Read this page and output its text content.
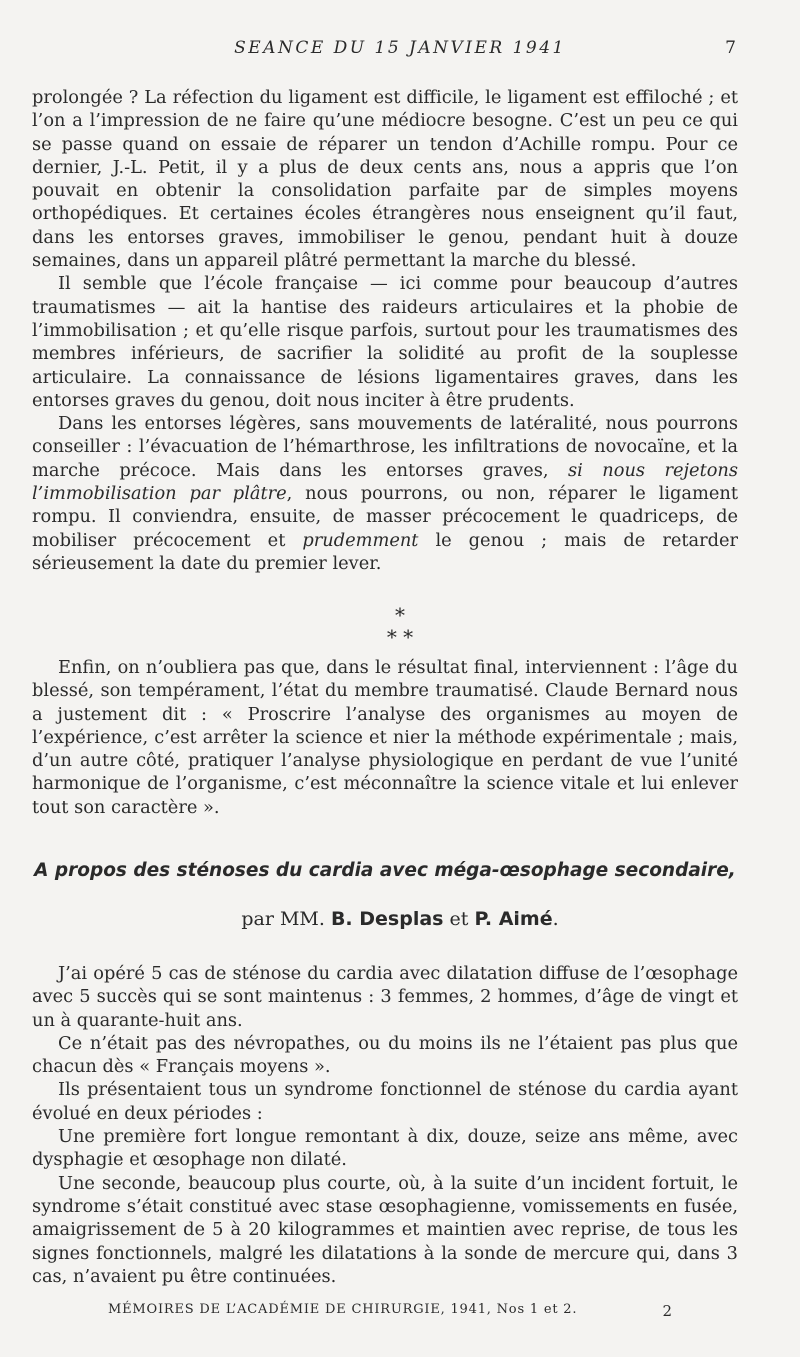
SEANCE DU 15 JANVIER 1941	7

prolongée ? La réfection du ligament est difficile, le ligament est effiloché ; et l’on a l’impression de ne faire qu’une médiocre besogne. C’est un peu ce qui se passe quand on essaie de réparer un tendon d’Achille rompu. Pour ce dernier, J.-L. Petit, il y a plus de deux cents ans, nous a appris que l’on pouvait en obtenir la consolidation parfaite par de simples moyens orthopédiques. Et certaines écoles étrangères nous enseignent qu’il faut, dans les entorses graves, immobiliser le genou, pendant huit à douze semaines, dans un appareil plâtré permettant la marche du blessé.

Il semble que l’école française — ici comme pour beaucoup d’autres traumatismes — ait la hantise des raideurs articulaires et la phobie de l’immobilisation ; et qu’elle risque parfois, surtout pour les traumatismes des membres inférieurs, de sacrifier la solidité au profit de la souplesse articulaire. La connaissance de lésions ligamentaires graves, dans les entorses graves du genou, doit nous inciter à être prudents.

Dans les entorses légères, sans mouvements de latéralité, nous pourrons conseiller : l’évacuation de l’hémarthrose, les infiltrations de novocaïne, et la marche précoce. Mais dans les entorses graves, si nous rejetons l’immobilisation par plâtre, nous pourrons, ou non, réparer le ligament rompu. Il conviendra, ensuite, de masser précocement le quadriceps, de mobiliser précocement et prudemment le genou ; mais de retarder sérieusement la date du premier lever.

*
* *

Enfin, on n’oubliera pas que, dans le résultat final, interviennent : l’âge du blessé, son tempérament, l’état du membre traumatisé. Claude Bernard nous a justement dit : « Proscrire l’analyse des organismes au moyen de l’expérience, c’est arrêter la science et nier la méthode expérimentale ; mais, d’un autre côté, pratiquer l’analyse physiologique en perdant de vue l’unité harmonique de l’organisme, c’est méconnaître la science vitale et lui enlever tout son caractère ».

A propos des sténoses du cardia avec méga-œsophage secondaire,
par MM. B. Desplas et P. Aimé.

J’ai opéré 5 cas de sténose du cardia avec dilatation diffuse de l’œsophage avec 5 succès qui se sont maintenus : 3 femmes, 2 hommes, d’âge de vingt et un à quarante-huit ans.

Ce n’était pas des névropathes, ou du moins ils ne l’étaient pas plus que chacun dès « Français moyens ».

Ils présentaient tous un syndrome fonctionnel de sténose du cardia ayant évolué en deux périodes :

Une première fort longue remontant à dix, douze, seize ans même, avec dysphagie et œsophage non dilaté.

Une seconde, beaucoup plus courte, où, à la suite d’un incident fortuit, le syndrome s’était constitué avec stase œsophagienne, vomissements en fusée, amaigrissement de 5 à 20 kilogrammes et maintien avec reprise, de tous les signes fonctionnels, malgré les dilatations à la sonde de mercure qui, dans 3 cas, n’avaient pu être continuées.

MÉMOIRES DE L’ACADÉMIE DE CHIRURGIE, 1941, Nos 1 et 2.	2
